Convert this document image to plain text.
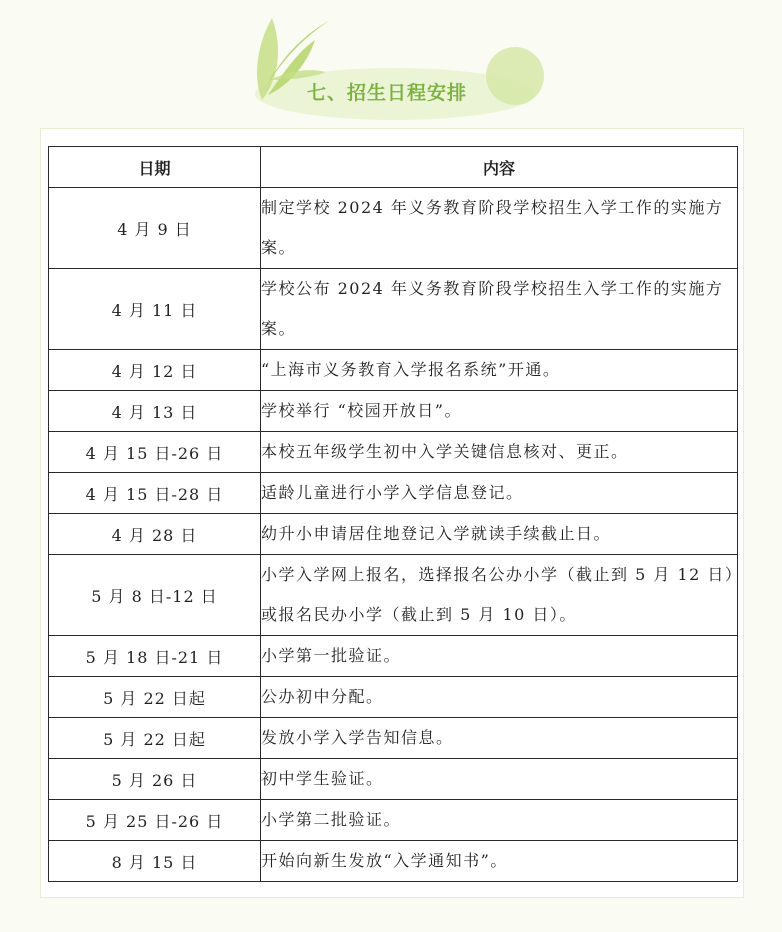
七、招生日程安排
日期	内容
4 月 9 日	制定学校 2024 年义务教育阶段学校招生入学工作的实施方案。
4 月 11 日	学校公布 2024 年义务教育阶段学校招生入学工作的实施方案。
4 月 12 日	“上海市义务教育入学报名系统”开通。
4 月 13 日	学校举行 “校园开放日”。
4 月 15 日-26 日	本校五年级学生初中入学关键信息核对、更正。
4 月 15 日-28 日	适龄儿童进行小学入学信息登记。
4 月 28 日	幼升小申请居住地登记入学就读手续截止日。
5 月 8 日-12 日	小学入学网上报名，选择报名公办小学（截止到 5 月 12 日）或报名民办小学（截止到 5 月 10 日）。
5 月 18 日-21 日	小学第一批验证。
5 月 22 日起	公办初中分配。
5 月 22 日起	发放小学入学告知信息。
5 月 26 日	初中学生验证。
5 月 25 日-26 日	小学第二批验证。
8 月 15 日	开始向新生发放“入学通知书”。
